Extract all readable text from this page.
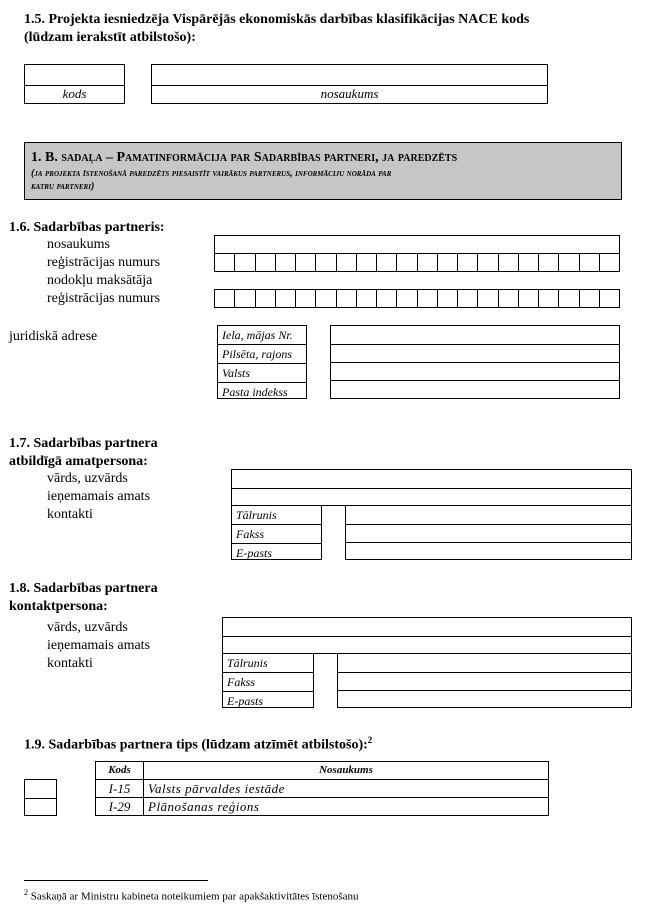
1.5. Projekta iesniedzēja Vispārējās ekonomiskās darbības klasifikācijas NACE kods
(lūdzam ierakstīt atbilstošo):
kods	nosaukums
1. B. sadaļa – Pamatinformācija par Sadarbības partneri, ja paredzēts
(ja projekta īstenošanā paredzēts piesaistīt vairākus partnerus, informāciju norāda par
katru partneri)
1.6. Sadarbības partneris:
nosaukums
reģistrācijas numurs
nodokļu maksātāja
reģistrācijas numurs
juridiskā adrese	Iela, mājas Nr.
Pilsēta, rajons
Valsts
Pasta indekss
1.7. Sadarbības partnera
atbildīgā amatpersona:
vārds, uzvārds
ieņemamais amats
kontakti	Tālrunis
Fakss
E-pasts
1.8. Sadarbības partnera
kontaktpersona:
vārds, uzvārds
ieņemamais amats
kontakti	Tālrunis
Fakss
E-pasts
1.9. Sadarbības partnera tips (lūdzam atzīmēt atbilstošo):$^2$
Kods	Nosaukums
I-15	Valsts pārvaldes iestāde
I-29	Plānošanas reģions
$^2$ Saskaņā ar Ministru kabineta noteikumiem par apakšaktivitātes īstenošanu
